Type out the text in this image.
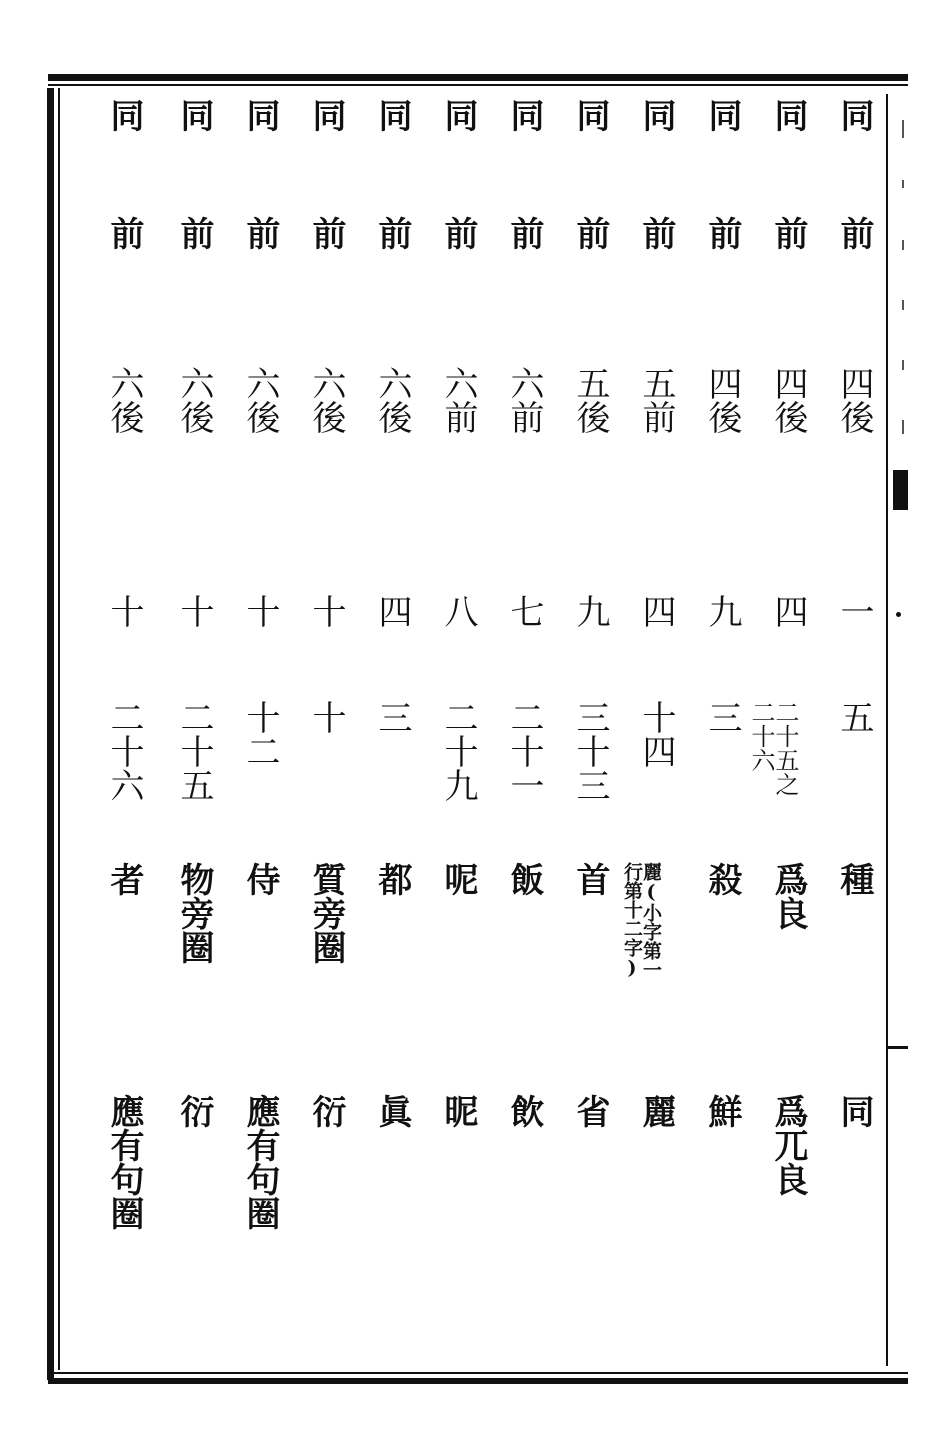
同
前
四後
一
五
種
同
同
前
四後
四
二十五之
二十六
爲良
爲兀良
同
前
四後
九
三
殺
鮮
同
前
五前
四
十四
麗(小字第一
行第十二字)
麗
同
前
五後
九
三十三
首
省
同
前
六前
七
二十一
飯
飲
同
前
六前
八
二十九
呢
昵
同
前
六後
四
三
都
眞
同
前
六後
十
十
質旁圈
衍
同
前
六後
十
十二
侍
應有句圈
同
前
六後
十
二十五
物旁圈
衍
同
前
六後
十
二十六
者
應有句圈
